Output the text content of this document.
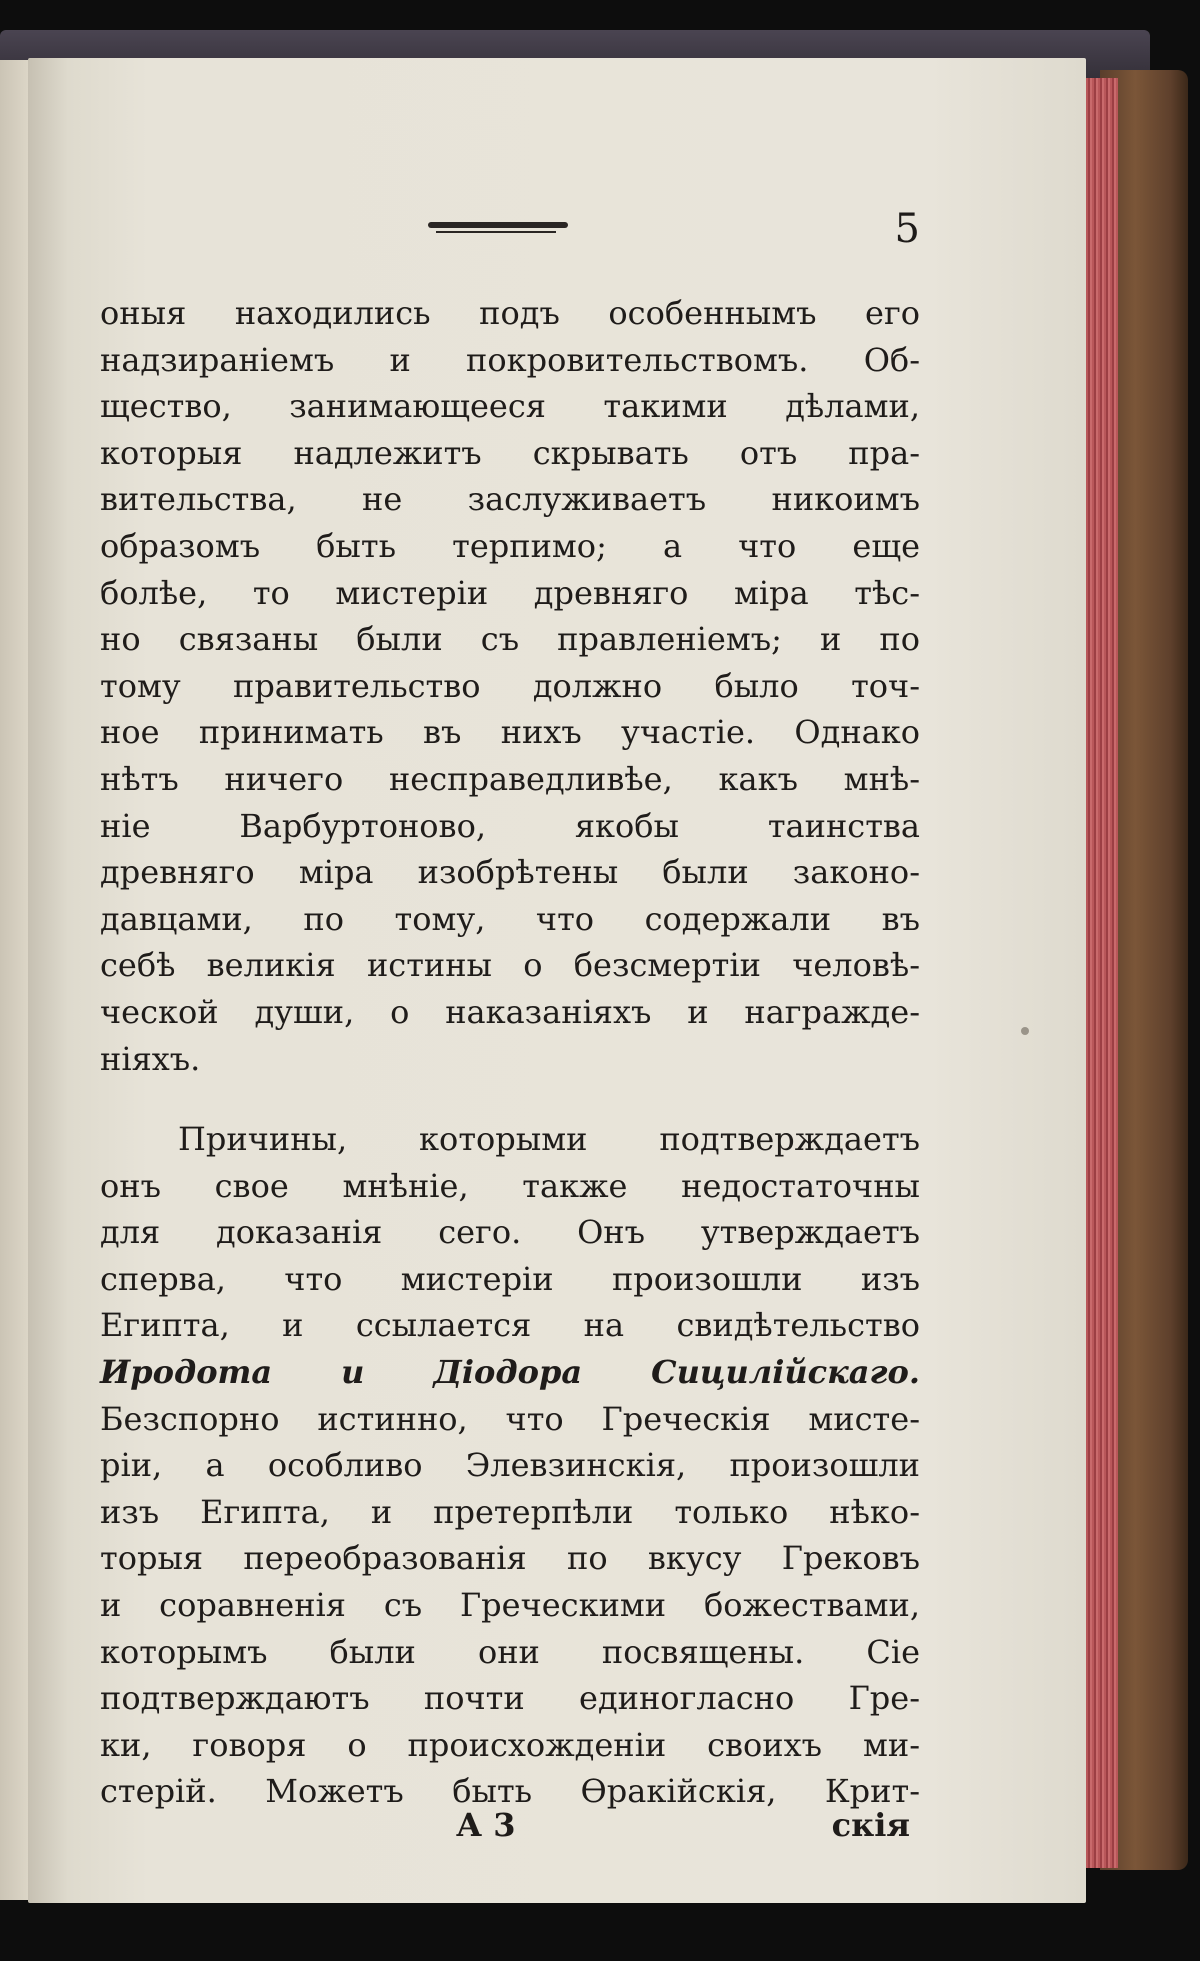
5
оныя находились подъ особеннымъ его
надзираніемъ и покровительствомъ. Об-
щество, занимающееся такими дѣлами,
которыя надлежитъ скрывать отъ пра-
вительства, не заслуживаетъ никоимъ
образомъ быть терпимо; а что еще
болѣе, то мистеріи древняго міра тѣс-
но связаны были съ правленіемъ; и по
тому правительство должно было точ-
ное принимать въ нихъ участіе. Однако
нѣтъ ничего несправедливѣе, какъ мнѣ-
ніе Варбуртоново, якобы таинства
древняго міра изобрѣтены были законо-
давцами, по тому, что содержали въ
себѣ великія истины о безсмертіи человѣ-
ческой души, о наказаніяхъ и награжде-
ніяхъ.
Причины, которыми подтверждаетъ
онъ свое мнѣніе, также недостаточны
для доказанія сего. Онъ утверждаетъ
сперва, что мистеріи произошли изъ
Египта, и ссылается на свидѣтельство
Иродота и Діодора Сицилійскаго.
Безспорно истинно, что Греческія мисте-
ріи, а особливо Элевзинскія, произошли
изъ Египта, и претерпѣли только нѣко-
торыя переобразованія по вкусу Грековъ
и соравненія съ Греческими божествами,
которымъ были они посвящены. Сіе
подтверждаютъ почти единогласно Гре-
ки, говоря о происхожденіи своихъ ми-
стерій. Можетъ быть Ѳракійскія, Крит-
А 3	скія
